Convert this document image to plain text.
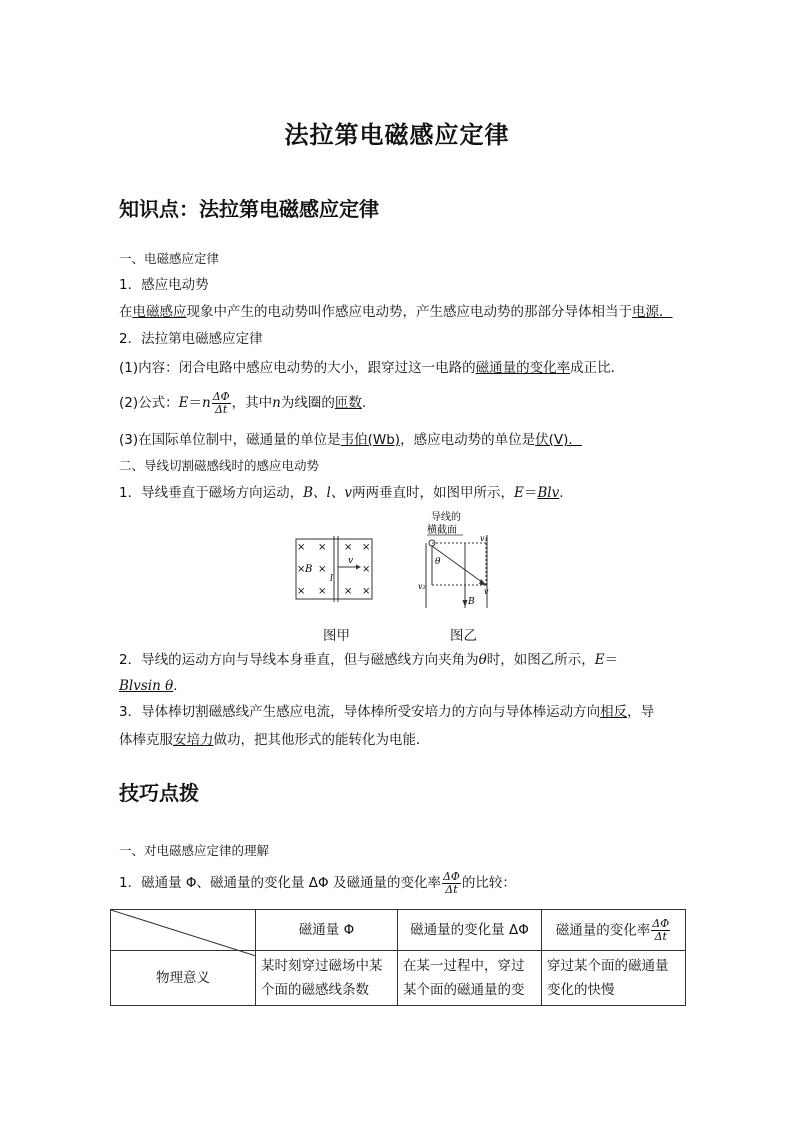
法拉第电磁感应定律
知识点：法拉第电磁感应定律
一、电磁感应定律
1．感应电动势
在电磁感应现象中产生的电动势叫作感应电动势，产生感应电动势的那部分导体相当于电源．
2．法拉第电磁感应定律
(1)内容：闭合电路中感应电动势的大小，跟穿过这一电路的磁通量的变化率成正比．
(2)公式：$E=n \frac{\Delta\Phi}{\Delta t}$ ，其中n为线圈的匝数．
(3)在国际单位制中，磁通量的单位是韦伯(Wb)，感应电动势的单位是伏(V)．
二、导线切割磁感线时的感应电动势
1．导线垂直于磁场方向运动，B、l、v两两垂直时，如图甲所示，E＝Blv.
× × × ×
× B ×	×
l
v
× × × ×
导线的
横截面
v₁
v₂
θ
B
v
图甲	图乙
2．导线的运动方向与导线本身垂直，但与磁感线方向夹角为θ时，如图乙所示，E＝
Blvsin θ.
3．导体棒切割磁感线产生感应电流，导体棒所受安培力的方向与导体棒运动方向相反，导
体棒克服安培力做功，把其他形式的能转化为电能．
技巧点拨
一、对电磁感应定律的理解
1．磁通量 Φ、磁通量的变化量 ΔΦ 及磁通量的变化率 $\frac{\Delta\Phi}{\Delta t}$ 的比较：
	磁通量 Φ	磁通量的变化量 ΔΦ	磁通量的变化率 $\frac{\Delta\Phi}{\Delta t}$

物理意义	某时刻穿过磁场中某个面的磁感线条数	在某一过程中，穿过某个面的磁通量的变	穿过某个面的磁通量变化的快慢
